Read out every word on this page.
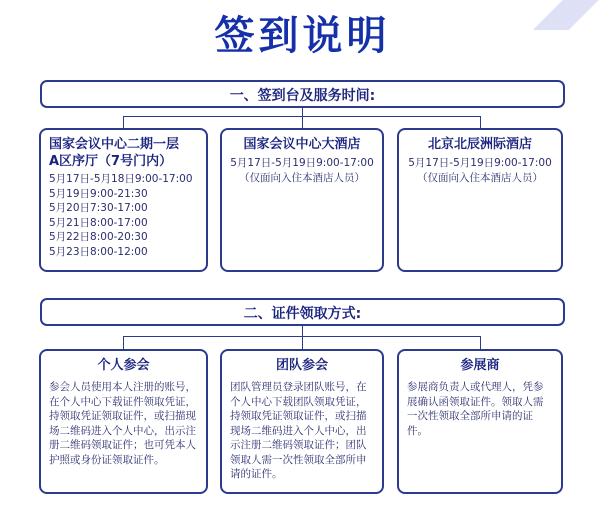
签到说明
一、签到台及服务时间:
国家会议中心二期一层
A区序厅（7号门内）
5月17日-5月18日9:00-17:00
5月19日9:00-21:30
5月20日7:30-17:00
5月21日8:00-17:00
5月22日8:00-20:30
5月23日8:00-12:00
国家会议中心大酒店
5月17日-5月19日9:00-17:00
（仅面向入住本酒店人员）
北京北辰洲际酒店
5月17日-5月19日9:00-17:00
（仅面向入住本酒店人员）
二、证件领取方式:
个人参会
参会人员使用本人注册的账号，在个人中心下载证件领取凭证，持领取凭证领取证件，或扫描现场二维码进入个人中心，出示注册二维码领取证件；也可凭本人护照或身份证领取证件。
团队参会
团队管理员登录团队账号，在个人中心下载团队领取凭证，持领取凭证领取证件，或扫描现场二维码进入个人中心，出示注册二维码领取证件；团队领取人需一次性领取全部所申请的证件。
参展商
参展商负责人或代理人，凭参展确认函领取证件。领取人需一次性领取全部所申请的证件。
